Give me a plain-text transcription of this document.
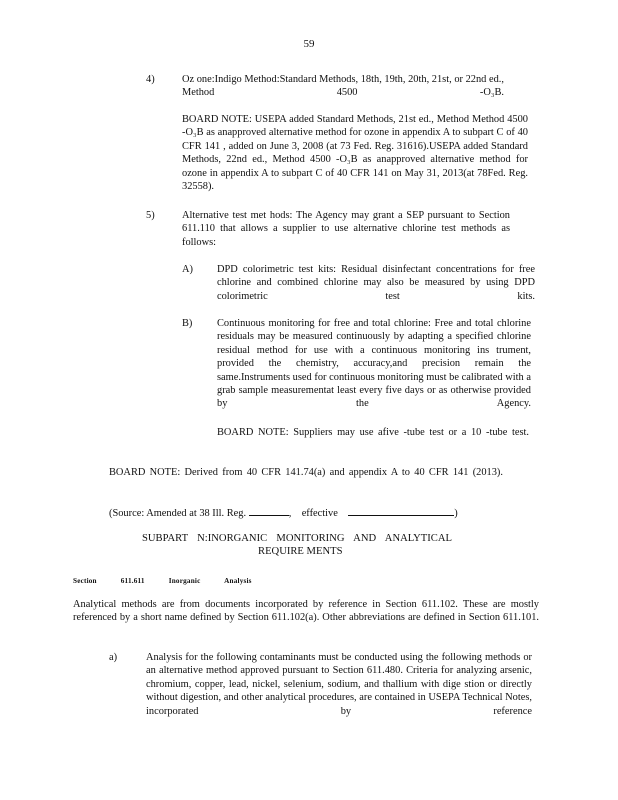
59
4)	Oz one:Indigo Method:Standard Methods, 18th, 19th, 20th, 21st, or 22nd ed., Method 4500 -O₃B.
BOARD NOTE: USEPA added Standard Methods, 21st ed., Method Method 4500 -O₃B as anapproved alternative method for ozone in appendix A to subpart C of 40 CFR 141 , added on June 3, 2008 (at 73 Fed. Reg. 31616).USEPA added Standard Methods, 22nd ed., Method 4500 -O₃B as anapproved alternative method for ozone in appendix A to subpart C of 40 CFR 141 on May 31, 2013(at 78Fed. Reg. 32558).
5)	Alternative test met hods: The Agency may grant a SEP pursuant to Section 611.110 that allows a supplier to use alternative chlorine test methods as follows:
A)	DPD colorimetric test kits: Residual disinfectant concentrations for free chlorine and combined chlorine may also be measured by using DPD colorimetric test kits.
B)	Continuous monitoring for free and total chlorine: Free and total chlorine residuals may be measured continuously by adapting a specified chlorine residual method for use with a continuous monitoring ins trument, provided the chemistry, accuracy,and precision remain the same.Instruments used for continuous monitoring must be calibrated with a grab sample measurementat least every five days or as otherwise provided by the Agency.
BOARD NOTE: Suppliers may use afive -tube test or a 10 -tube test.
BOARD NOTE: Derived from 40 CFR 141.74(a) and appendix A to 40 CFR 141 (2013).
(Source: Amended at 38 Ill. Reg.	, effective	)
SUBPART N:INORGANIC MONITORING AND ANALYTICAL
REQUIRE MENTS
Section	611.611	Inorganic	Analysis
Analytical methods are from documents incorporated by reference in Section 611.102. These are mostly referenced by a short name defined by Section 611.102(a). Other abbreviations are defined in Section 611.101.
a)	Analysis for the following contaminants must be conducted using the following methods or an alternative method approved pursuant to Section 611.480. Criteria for analyzing arsenic, chromium, copper, lead, nickel, selenium, sodium, and thallium with dige stion or directly without digestion, and other analytical procedures, are contained in USEPA Technical Notes, incorporated by reference
